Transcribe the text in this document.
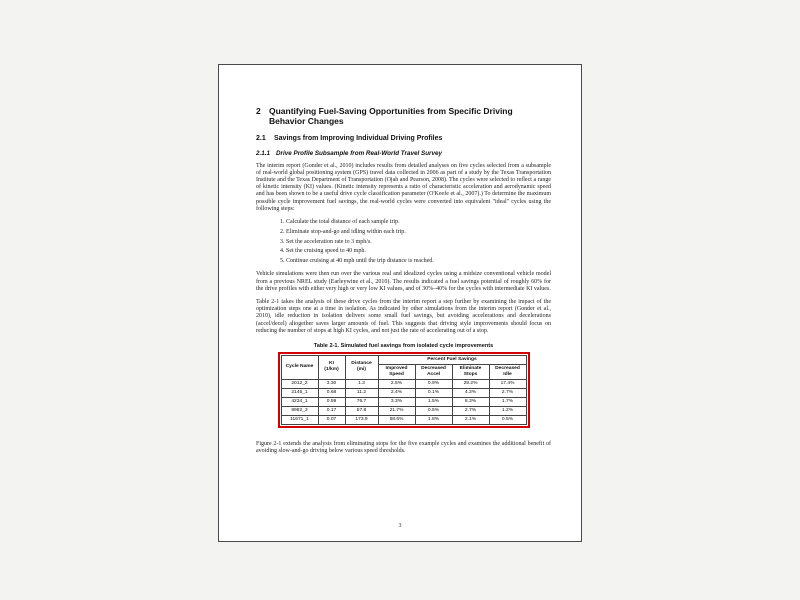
2 Quantifying Fuel-Saving Opportunities from Specific Driving Behavior Changes
2.1	Savings from Improving Individual Driving Profiles
2.1.1 Drive Profile Subsample from Real-World Travel Survey

The interim report (Gonder et al., 2010) includes results from detailed analyses on five cycles selected from a subsample of real-world global positioning system (GPS) travel data collected in 2006 as part of a study by the Texas Transportation Institute and the Texas Department of Transportation (Ojah and Pearson, 2008). The cycles were selected to reflect a range of kinetic intensity (KI) values. (Kinetic intensity represents a ratio of characteristic acceleration and aerodynamic speed and has been shown to be a useful drive cycle classification parameter (O'Keefe et al., 2007).) To determine the maximum possible cycle improvement fuel savings, the real-world cycles were converted into equivalent "ideal" cycles using the following steps:

1. Calculate the total distance of each sample trip.
2. Eliminate stop-and-go and idling within each trip.
3. Set the acceleration rate to 3 mph/s.
4. Set the cruising speed to 40 mph.
5. Continue cruising at 40 mph until the trip distance is reached.

Vehicle simulations were then run over the various real and idealized cycles using a midsize conventional vehicle model from a previous NREL study (Earleywine et al., 2010). The results indicated a fuel savings potential of roughly 60% for the drive profiles with either very high or very low KI values, and of 30%–40% for the cycles with intermediate KI values.

Table 2-1 takes the analysis of these drive cycles from the interim report a step further by examining the impact of the optimization steps one at a time in isolation. As indicated by other simulations from the interim report (Gonder et al., 2010), idle reduction in isolation delivers some small fuel savings, but avoiding accelerations and decelerations (accel/decel) altogether saves larger amounts of fuel. This suggests that driving style improvements should focus on reducing the number of stops at high KI cycles, and not just the rate of accelerating out of a stop.

Table 2-1. Simulated fuel savings from isolated cycle improvements
Cycle Name	KI (1/km)	Distance (mi)	Percent Fuel Savings			
			Improved Speed	Decreased Accel	Eliminate Stops	Decreased Idle
2012_2	3.30	1.3	2.5%	0.9%	29.2%	17.4%
2145_1	0.68	11.2	2.4%	0.1%	4.3%	2.7%
4234_1	0.59	76.7	3.3%	1.5%	8.3%	1.7%
8982_3	0.17	57.8	21.7%	0.5%	2.7%	1.2%
11671_1	0.07	173.9	58.6%	1.8%	2.1%	0.5%

Figure 2-1 extends the analysis from eliminating stops for the five example cycles and examines the additional benefit of avoiding slow-and-go driving below various speed thresholds.

3
